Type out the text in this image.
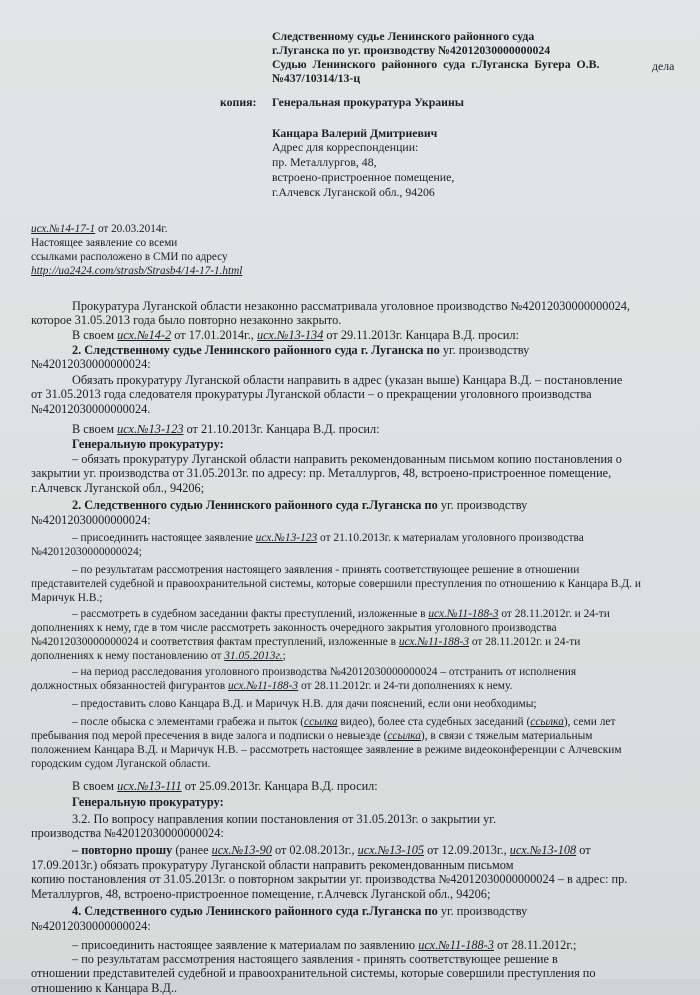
Следственному судье Ленинского районного суда
г.Луганска по уг. производству №42012030000000024
Судью Ленинского районного суда г.Луганска Бугера О.В.	дела
№437/10314/13-ц
копия: Генеральная прокуратура Украины
Канцара Валерий Дмитриевич
Адрес для корреспонденции:
пр. Металлургов, 48,
встроено-пристроенное помещение,
г.Алчевск Луганской обл., 94206
исх.№14-17-1 от 20.03.2014г.
Настоящее заявление со всеми
ссылками расположено в СМИ по адресу
http://ua2424.com/strasb/Strasb4/14-17-1.html
Прокуратура Луганской области незаконно рассматривала уголовное производство №42012030000000024,
которое 31.05.2013 года было повторно незаконно закрыто.
В своем исх.№14-2 от 17.01.2014г., исх.№13-134 от 29.11.2013г. Канцара В.Д. просил:
2. Следственному судье Ленинского районного суда г. Луганска по уг. производству
№42012030000000024:
Обязать прокуратуру Луганской области направить в адрес (указан выше) Канцара В.Д. – постановление
от 31.05.2013 года следователя прокуратуры Луганской области – о прекращении уголовного производства
№42012030000000024.
В своем исх.№13-123 от 21.10.2013г. Канцара В.Д. просил:
Генеральную прокуратуру:
– обязать прокуратуру Луганской области направить рекомендованным письмом копию постановления о
закрытии уг. производства от 31.05.2013г. по адресу: пр. Металлургов, 48, встроено-пристроенное помещение,
г.Алчевск Луганской обл., 94206;
2. Следственного судью Ленинского районного суда г.Луганска по уг. производству
№42012030000000024:
– присоединить настоящее заявление исх.№13-123 от 21.10.2013г. к материалам уголовного производства
№42012030000000024;
– по результатам рассмотрения настоящего заявления - принять соответствующее решение в отношении
представителей судебной и правоохранительной системы, которые совершили преступления по отношению к Канцара В.Д. и
Маричук Н.В.;
– рассмотреть в судебном заседании факты преступлений, изложенные в исх.№11-188-3 от 28.11.2012г. и 24-ти
дополнениях к нему, где в том числе рассмотреть законность очередного закрытия уголовного производства
№42012030000000024 и соответствия фактам преступлений, изложенные в исх.№11-188-3 от 28.11.2012г. и 24-ти
дополнениях к нему постановлению от 31.05.2013г.;
– на период расследования уголовного производства №42012030000000024 – отстранить от исполнения
должностных обязанностей фигурантов исх.№11-188-3 от 28.11.2012г. и 24-ти дополнениях к нему.
– предоставить слово Канцара В.Д. и Маричук Н.В. для дачи пояснений, если они необходимы;
– после обыска с элементами грабежа и пыток (ссылка видео), более ста судебных заседаний (ссылка), семи лет
пребывания под мерой пресечения в виде залога и подписки о невыезде (ссылка), в связи с тяжелым материальным
положением Канцара В.Д. и Маричук Н.В. – рассмотреть настоящее заявление в режиме видеоконференции с Алчевским
городским судом Луганской области.
В своем исх.№13-111 от 25.09.2013г. Канцара В.Д. просил:
Генеральную прокуратуру:
3.2. По вопросу направления копии постановления от 31.05.2013г. о закрытии уг.
производства №42012030000000024:
– повторно прошу (ранее исх.№13-90 от 02.08.2013г., исх.№13-105 от 12.09.2013г., исх.№13-108 от
17.09.2013г.) обязать прокуратуру Луганской области направить рекомендованным письмом
копию постановления от 31.05.2013г. о повторном закрытии уг. производства №42012030000000024 – в адрес: пр.
Металлургов, 48, встроено-пристроенное помещение, г.Алчевск Луганской обл., 94206;
4. Следственного судью Ленинского районного суда г.Луганска по уг. производству
№42012030000000024:
– присоединить настоящее заявление к материалам по заявлению исх.№11-188-3 от 28.11.2012г.;
– по результатам рассмотрения настоящего заявления - принять соответствующее решение в
отношении представителей судебной и правоохранительной системы, которые совершили преступления по
отношению к Канцара В.Д..
